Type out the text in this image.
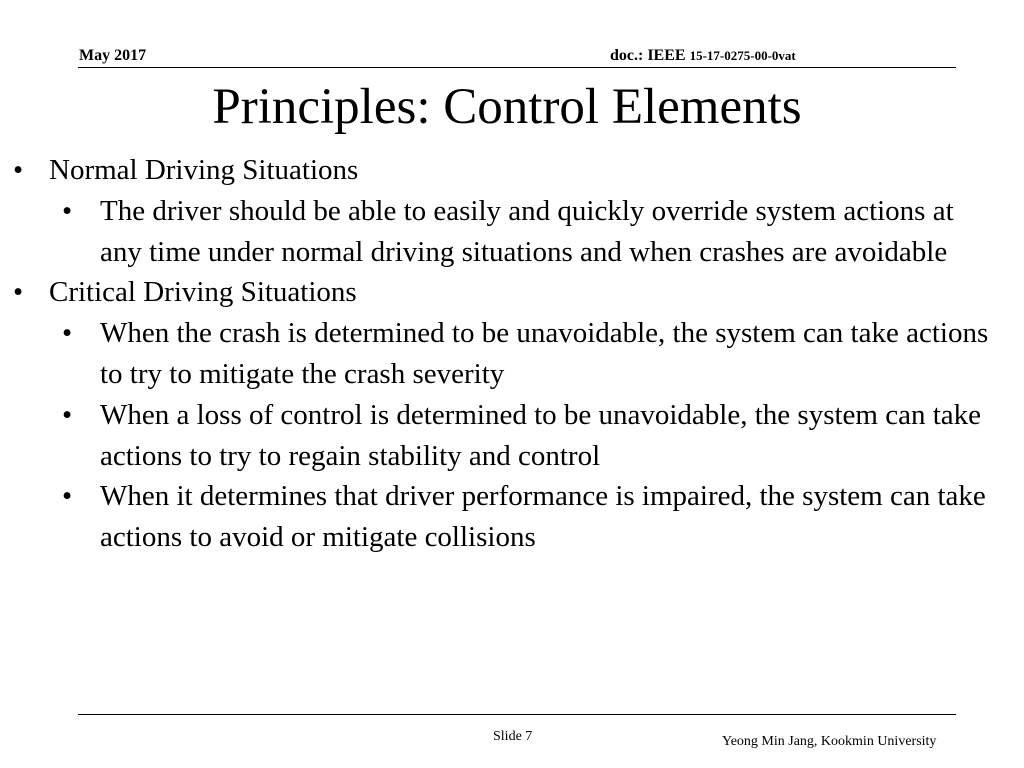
May 2017	doc.: IEEE 15-17-0275-00-0vat
Principles: Control Elements
• Normal Driving Situations
• The driver should be able to easily and quickly override system actions at any time under normal driving situations and when crashes are avoidable
• Critical Driving Situations
• When the crash is determined to be unavoidable, the system can take actions to try to mitigate the crash severity
• When a loss of control is determined to be unavoidable, the system can take actions to try to regain stability and control
• When it determines that driver performance is impaired, the system can take actions to avoid or mitigate collisions
Slide 7	Yeong Min Jang, Kookmin University
